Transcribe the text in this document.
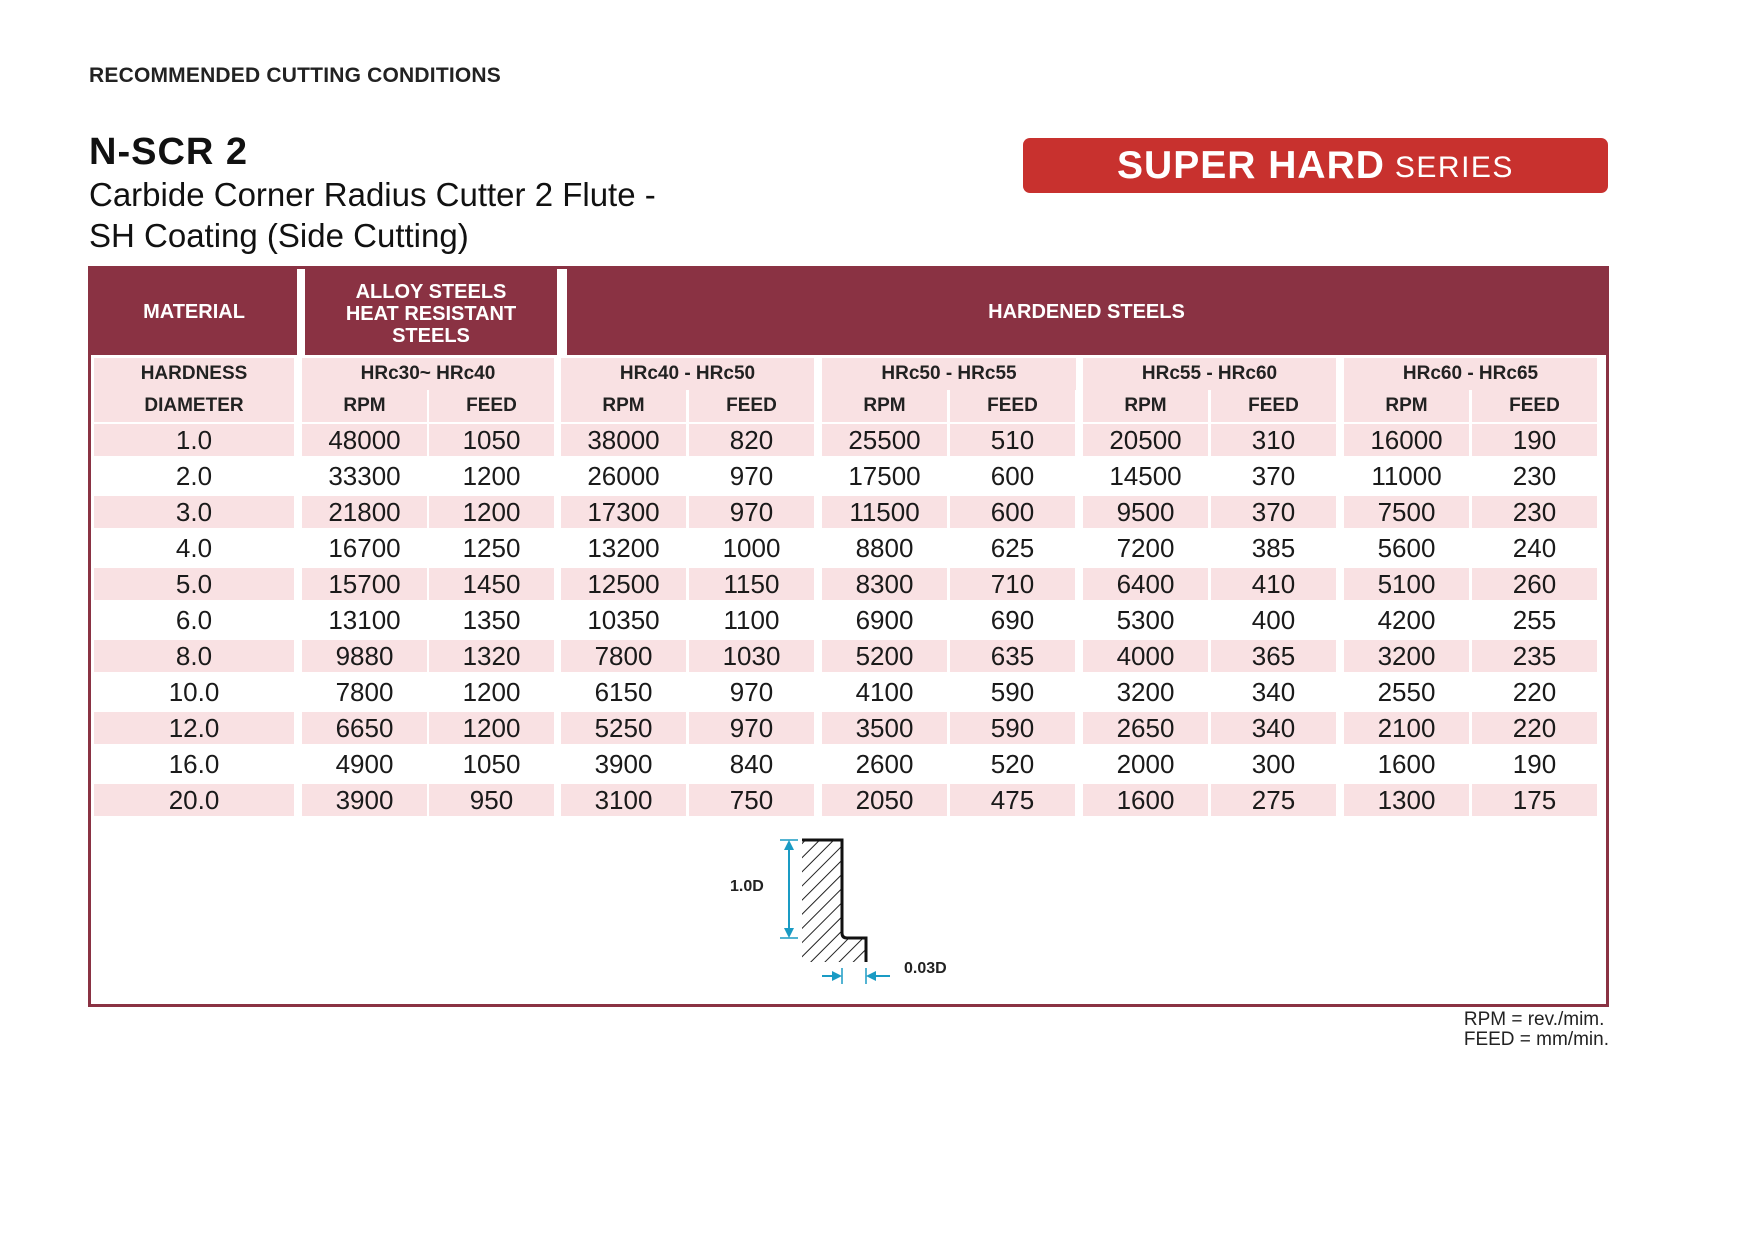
RECOMMENDED CUTTING CONDITIONS
N-SCR 2
Carbide Corner Radius Cutter 2 Flute -
SH Coating (Side Cutting)
SUPER HARD SERIES
MATERIAL
ALLOY STEELS
HEAT RESISTANT
STEELS
HARDENED STEELS
HARDNESS	HRc30~ HRc40	HRc40 - HRc50	HRc50 - HRc55	HRc55 - HRc60	HRc60 - HRc65
DIAMETER	RPM	FEED	RPM	FEED	RPM	FEED	RPM	FEED	RPM	FEED
1.0	48000	1050	38000	820	25500	510	20500	310	16000	190
2.0	33300	1200	26000	970	17500	600	14500	370	11000	230
3.0	21800	1200	17300	970	11500	600	9500	370	7500	230
4.0	16700	1250	13200	1000	8800	625	7200	385	5600	240
5.0	15700	1450	12500	1150	8300	710	6400	410	5100	260
6.0	13100	1350	10350	1100	6900	690	5300	400	4200	255
8.0	9880	1320	7800	1030	5200	635	4000	365	3200	235
10.0	7800	1200	6150	970	4100	590	3200	340	2550	220
12.0	6650	1200	5250	970	3500	590	2650	340	2100	220
16.0	4900	1050	3900	840	2600	520	2000	300	1600	190
20.0	3900	950	3100	750	2050	475	1600	275	1300	175
1.0D
0.03D
RPM = rev./mim.
FEED = mm/min.
